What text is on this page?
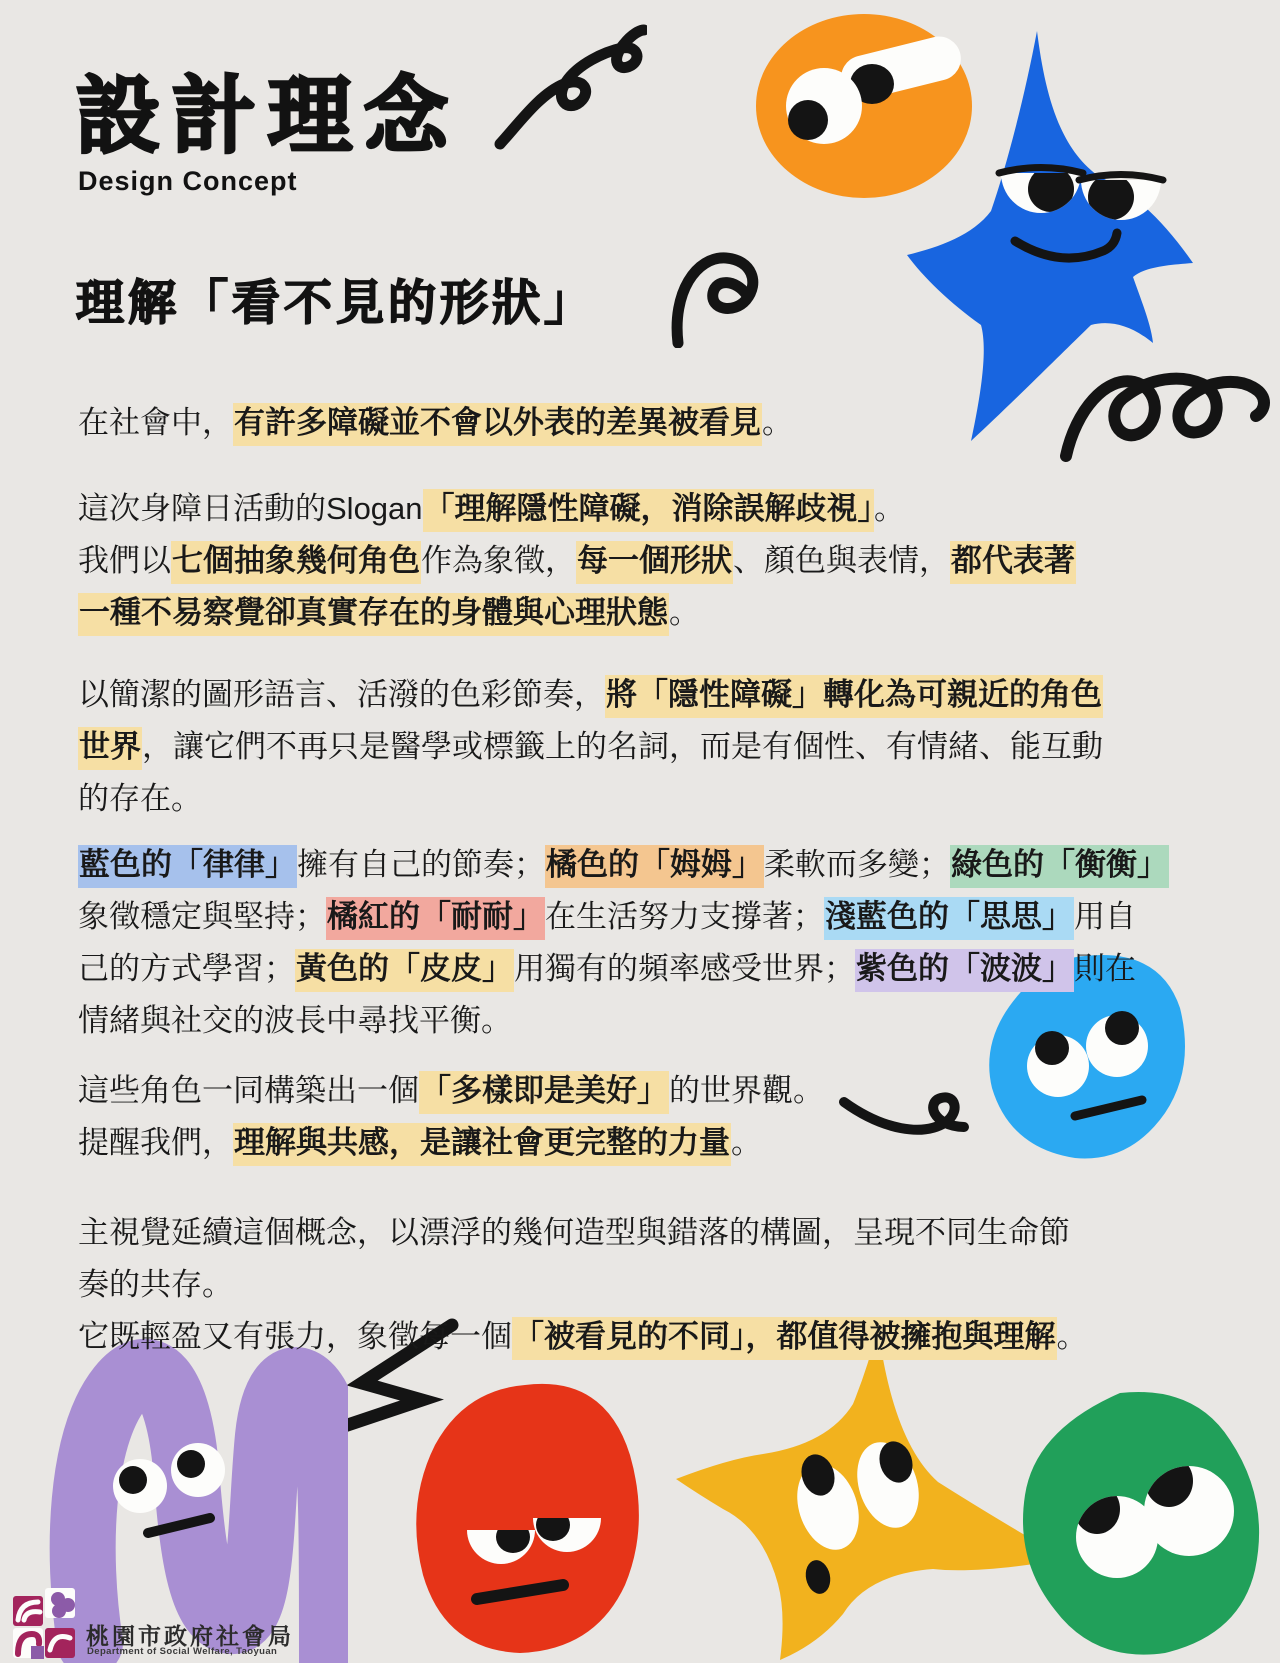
設計理念
Design Concept
理解「看不見的形狀」

在社會中，有許多障礙並不會以外表的差異被看見。

這次身障日活動的Slogan「理解隱性障礙，消除誤解歧視」。
我們以七個抽象幾何角色作為象徵，每一個形狀、顏色與表情，都代表著
一種不易察覺卻真實存在的身體與心理狀態。

以簡潔的圖形語言、活潑的色彩節奏，將「隱性障礙」轉化為可親近的角色
世界，讓它們不再只是醫學或標籤上的名詞，而是有個性、有情緒、能互動
的存在。

藍色的「律律」擁有自己的節奏；橘色的「姆姆」柔軟而多變；綠色的「衡衡」
象徵穩定與堅持；橘紅的「耐耐」在生活努力支撐著；淺藍色的「思思」用自
己的方式學習；黃色的「皮皮」用獨有的頻率感受世界；紫色的「波波」則在
情緒與社交的波長中尋找平衡。

這些角色一同構築出一個「多樣即是美好」的世界觀。
提醒我們，理解與共感，是讓社會更完整的力量。

主視覺延續這個概念，以漂浮的幾何造型與錯落的構圖，呈現不同生命節
奏的共存。
它既輕盈又有張力，象徵每一個「被看見的不同」，都值得被擁抱與理解。

桃園市政府社會局
Department of Social Welfare, Taoyuan
